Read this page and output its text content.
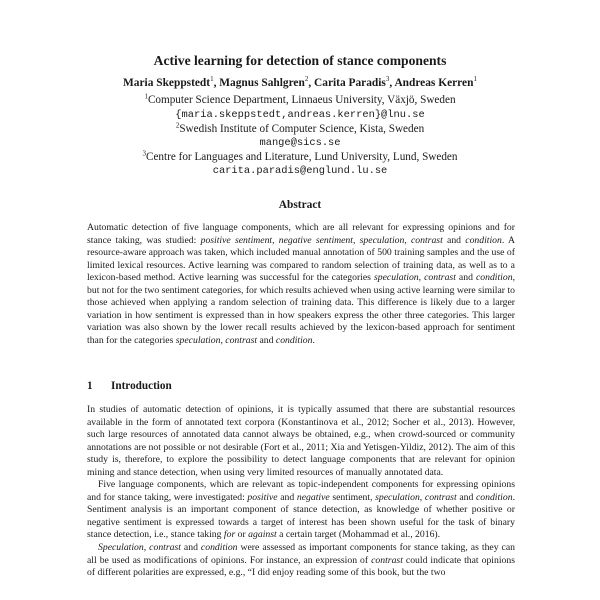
Active learning for detection of stance components
Maria Skeppstedt$^1$, Magnus Sahlgren$^2$, Carita Paradis$^3$, Andreas Kerren$^1$
$^1$Computer Science Department, Linnaeus University, Växjö, Sweden
{maria.skeppstedt,andreas.kerren}@lnu.se
$^2$Swedish Institute of Computer Science, Kista, Sweden
mange@sics.se
$^3$Centre for Languages and Literature, Lund University, Lund, Sweden
carita.paradis@englund.lu.se
Abstract
Automatic detection of five language components, which are all relevant for expressing opinions and for stance taking, was studied: positive sentiment, negative sentiment, speculation, contrast and condition. A resource-aware approach was taken, which included manual annotation of 500 training samples and the use of limited lexical resources. Active learning was compared to random selection of training data, as well as to a lexicon-based method. Active learning was successful for the categories speculation, contrast and condition, but not for the two sentiment categories, for which results achieved when using active learning were similar to those achieved when applying a random selection of training data. This difference is likely due to a larger variation in how sentiment is expressed than in how speakers express the other three categories. This larger variation was also shown by the lower recall results achieved by the lexicon-based approach for sentiment than for the categories speculation, contrast and condition.
1 Introduction

In studies of automatic detection of opinions, it is typically assumed that there are substantial resources available in the form of annotated text corpora (Konstantinova et al., 2012; Socher et al., 2013). However, such large resources of annotated data cannot always be obtained, e.g., when crowd-sourced or community annotations are not possible or not desirable (Fort et al., 2011; Xia and Yetisgen-Yildiz, 2012). The aim of this study is, therefore, to explore the possibility to detect language components that are relevant for opinion mining and stance detection, when using very limited resources of manually annotated data.

Five language components, which are relevant as topic-independent components for expressing opinions and for stance taking, were investigated: positive and negative sentiment, speculation, contrast and condition. Sentiment analysis is an important component of stance detection, as knowledge of whether positive or negative sentiment is expressed towards a target of interest has been shown useful for the task of binary stance detection, i.e., stance taking for or against a certain target (Mohammad et al., 2016).

Speculation, contrast and condition were assessed as important components for stance taking, as they can all be used as modifications of opinions. For instance, an expression of contrast could indicate that opinions of different polarities are expressed, e.g., “I did enjoy reading some of this book, but the two
